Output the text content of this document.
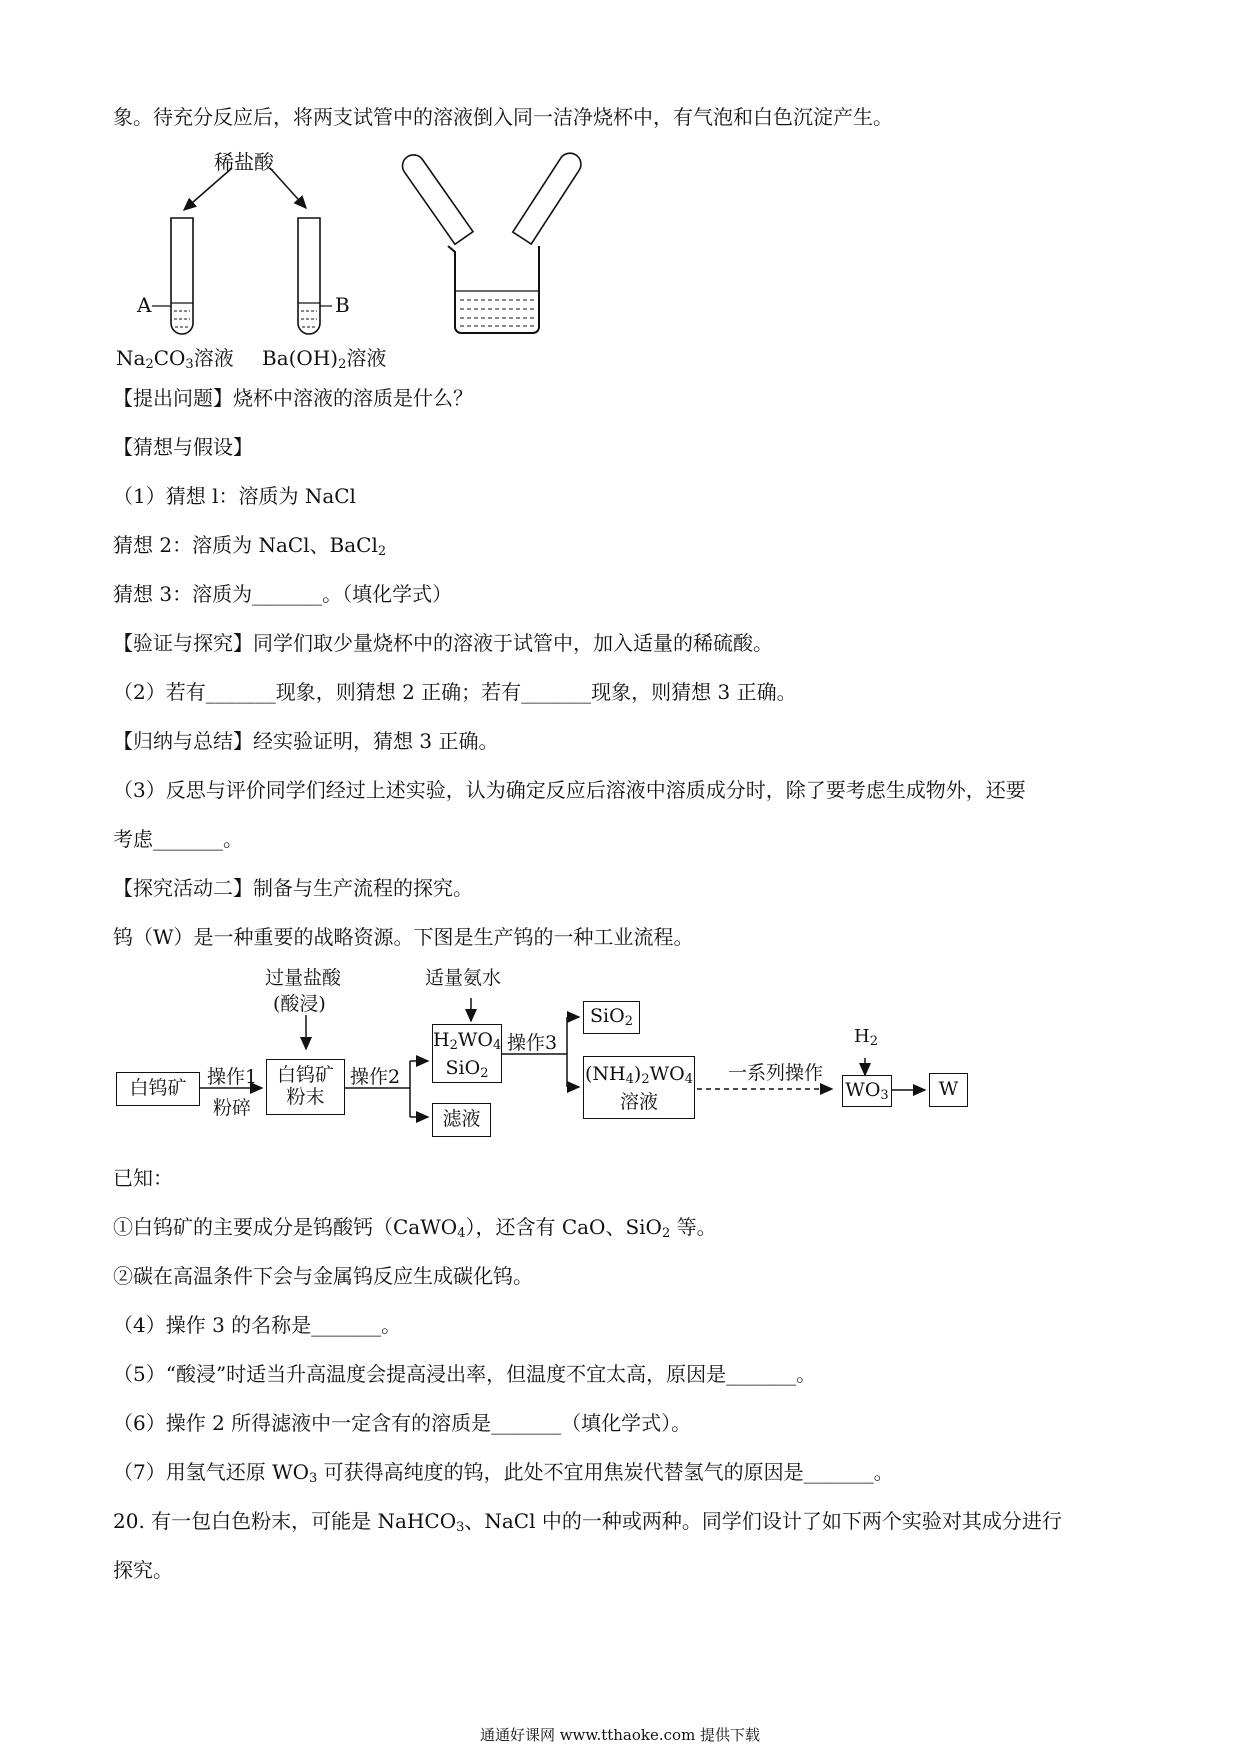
象。待充分反应后，将两支试管中的溶液倒入同一洁净烧杯中，有气泡和白色沉淀产生。
稀盐酸
A	B
$Na_2CO_3$溶液 $Ba(OH)_2$溶液
【提出问题】烧杯中溶液的溶质是什么？
【猜想与假设】
（1）猜想 l：溶质为 NaCl
猜想 2：溶质为 NaCl、BaCl$_2$
猜想 3：溶质为_______。（填化学式）
【验证与探究】同学们取少量烧杯中的溶液于试管中，加入适量的稀硫酸。
（2）若有_______现象，则猜想 2 正确；若有_______现象，则猜想 3 正确。
【归纳与总结】经实验证明，猜想 3 正确。
（3）反思与评价同学们经过上述实验，认为确定反应后溶液中溶质成分时，除了要考虑生成物外，还要
考虑_______。
【探究活动二】制备与生产流程的探究。
钨（W）是一种重要的战略资源。下图是生产钨的一种工业流程。
过量盐酸
(酸浸)
适量氨水
白钨矿	操作1
粉碎
白钨矿
粉末
操作2
$H_2WO_4$
SiO$_2$
滤液
操作3
SiO$_2$
$(NH_4)_2WO_4$
溶液
一系列操作
$H_2$
$WO_3$	W
已知：
①白钨矿的主要成分是钨酸钙（CaWO$_4$），还含有 CaO、SiO$_2$ 等。
②碳在高温条件下会与金属钨反应生成碳化钨。
（4）操作 3 的名称是_______。
（5）“酸浸”时适当升高温度会提高浸出率，但温度不宜太高，原因是_______。
（6）操作 2 所得滤液中一定含有的溶质是_______（填化学式）。
（7）用氢气还原 $WO_3$ 可获得高纯度的钨，此处不宜用焦炭代替氢气的原因是_______。
20. 有一包白色粉末，可能是 NaHCO$_3$、NaCl 中的一种或两种。同学们设计了如下两个实验对其成分进行
探究。
通通好课网 www.tthaoke.com 提供下载
